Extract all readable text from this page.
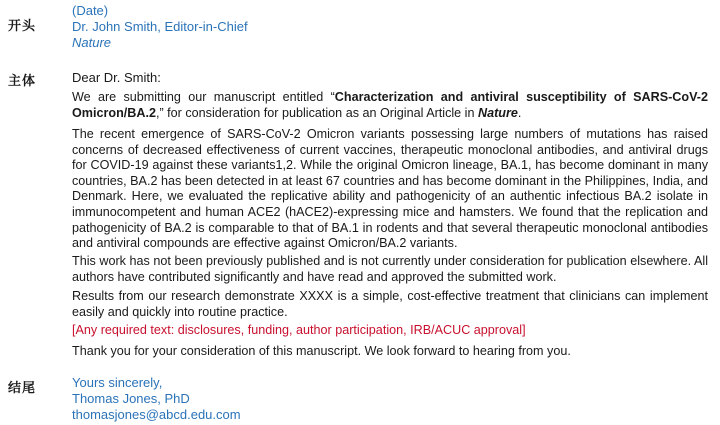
开头
主体
结尾
(Date)
Dr. John Smith, Editor-in-Chief
Nature
Dear Dr. Smith:
We are submitting our manuscript entitled “Characterization and antiviral susceptibility of SARS-CoV-2 Omicron/BA.2,” for consideration for publication as an Original Article in Nature.
The recent emergence of SARS-CoV-2 Omicron variants possessing large numbers of mutations has raised concerns of decreased effectiveness of current vaccines, therapeutic monoclonal antibodies, and antiviral drugs for COVID-19 against these variants1,2. While the original Omicron lineage, BA.1, has become dominant in many countries, BA.2 has been detected in at least 67 countries and has become dominant in the Philippines, India, and Denmark. Here, we evaluated the replicative ability and pathogenicity of an authentic infectious BA.2 isolate in immunocompetent and human ACE2 (hACE2)-expressing mice and hamsters. We found that the replication and pathogenicity of BA.2 is comparable to that of BA.1 in rodents and that several therapeutic monoclonal antibodies and antiviral compounds are effective against Omicron/BA.2 variants.
This work has not been previously published and is not currently under consideration for publication elsewhere. All authors have contributed significantly and have read and approved the submitted work.
Results from our research demonstrate XXXX is a simple, cost-effective treatment that clinicians can implement easily and quickly into routine practice.
[Any required text: disclosures, funding, author participation, IRB/ACUC approval]
Thank you for your consideration of this manuscript. We look forward to hearing from you.
Yours sincerely,
Thomas Jones, PhD
thomasjones@abcd.edu.com
